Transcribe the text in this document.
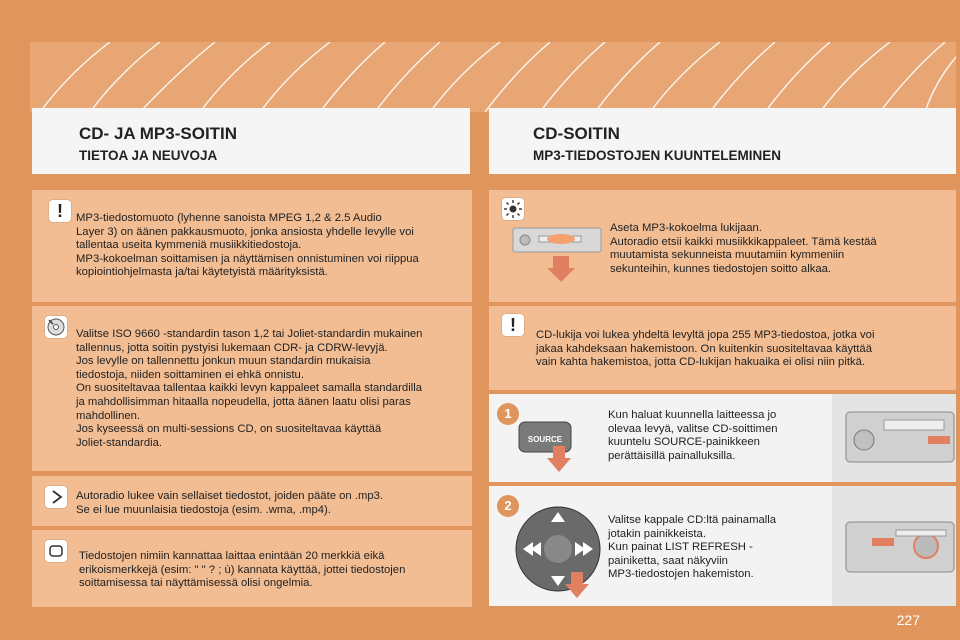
CD- JA MP3-SOITIN
TIETOA JA NEUVOJA
CD-SOITIN
MP3-TIEDOSTOJEN KUUNTELEMINEN
!
MP3-tiedostomuoto (lyhenne sanoista MPEG 1,2 & 2.5 Audio
Layer 3) on äänen pakkausmuoto, jonka ansiosta yhdelle levylle voi
tallentaa useita kymmeniä musiikkitiedostoja.
MP3-kokoelman soittamisen ja näyttämisen onnistuminen voi riippua
kopiointiohjelmasta ja/tai käytetyistä määrityksistä.
Valitse ISO 9660 -standardin tason 1,2 tai Joliet-standardin mukainen
tallennus, jotta soitin pystyisi lukemaan CDR- ja CDRW-levyjä.
Jos levylle on tallennettu jonkun muun standardin mukaisia
tiedostoja, niiden soittaminen ei ehkä onnistu.
On suositeltavaa tallentaa kaikki levyn kappaleet samalla standardilla
ja mahdollisimman hitaalla nopeudella, jotta äänen laatu olisi paras
mahdollinen.
Jos kyseessä on multi-sessions CD, on suositeltavaa käyttää
Joliet-standardia.
Autoradio lukee vain sellaiset tiedostot, joiden pääte on .mp3.
Se ei lue muunlaisia tiedostoja (esim. .wma, .mp4).
Tiedostojen nimiin kannattaa laittaa enintään 20 merkkiä eikä
erikoismerkkejä (esim: " " ? ; ù) kannata käyttää, jottei tiedostojen
soittamisessa tai näyttämisessä olisi ongelmia.
Aseta MP3-kokoelma lukijaan.
Autoradio etsii kaikki musiikkikappaleet. Tämä kestää
muutamista sekunneista muutamiin kymmeniin
sekunteihin, kunnes tiedostojen soitto alkaa.
!
CD-lukija voi lukea yhdeltä levyltä jopa 255 MP3-tiedostoa, jotka voi
jakaa kahdeksaan hakemistoon. On kuitenkin suositeltavaa käyttää
vain kahta hakemistoa, jotta CD-lukijan hakuaika ei olisi niin pitkä.
1
SOURCE
Kun haluat kuunnella laitteessa jo
olevaa levyä, valitse CD-soittimen
kuuntelu SOURCE-painikkeen
perättäisillä painalluksilla.
2
Valitse kappale CD:ltä painamalla
jotakin painikkeista.
Kun painat LIST REFRESH -
painiketta, saat näkyviin
MP3-tiedostojen hakemiston.
227
